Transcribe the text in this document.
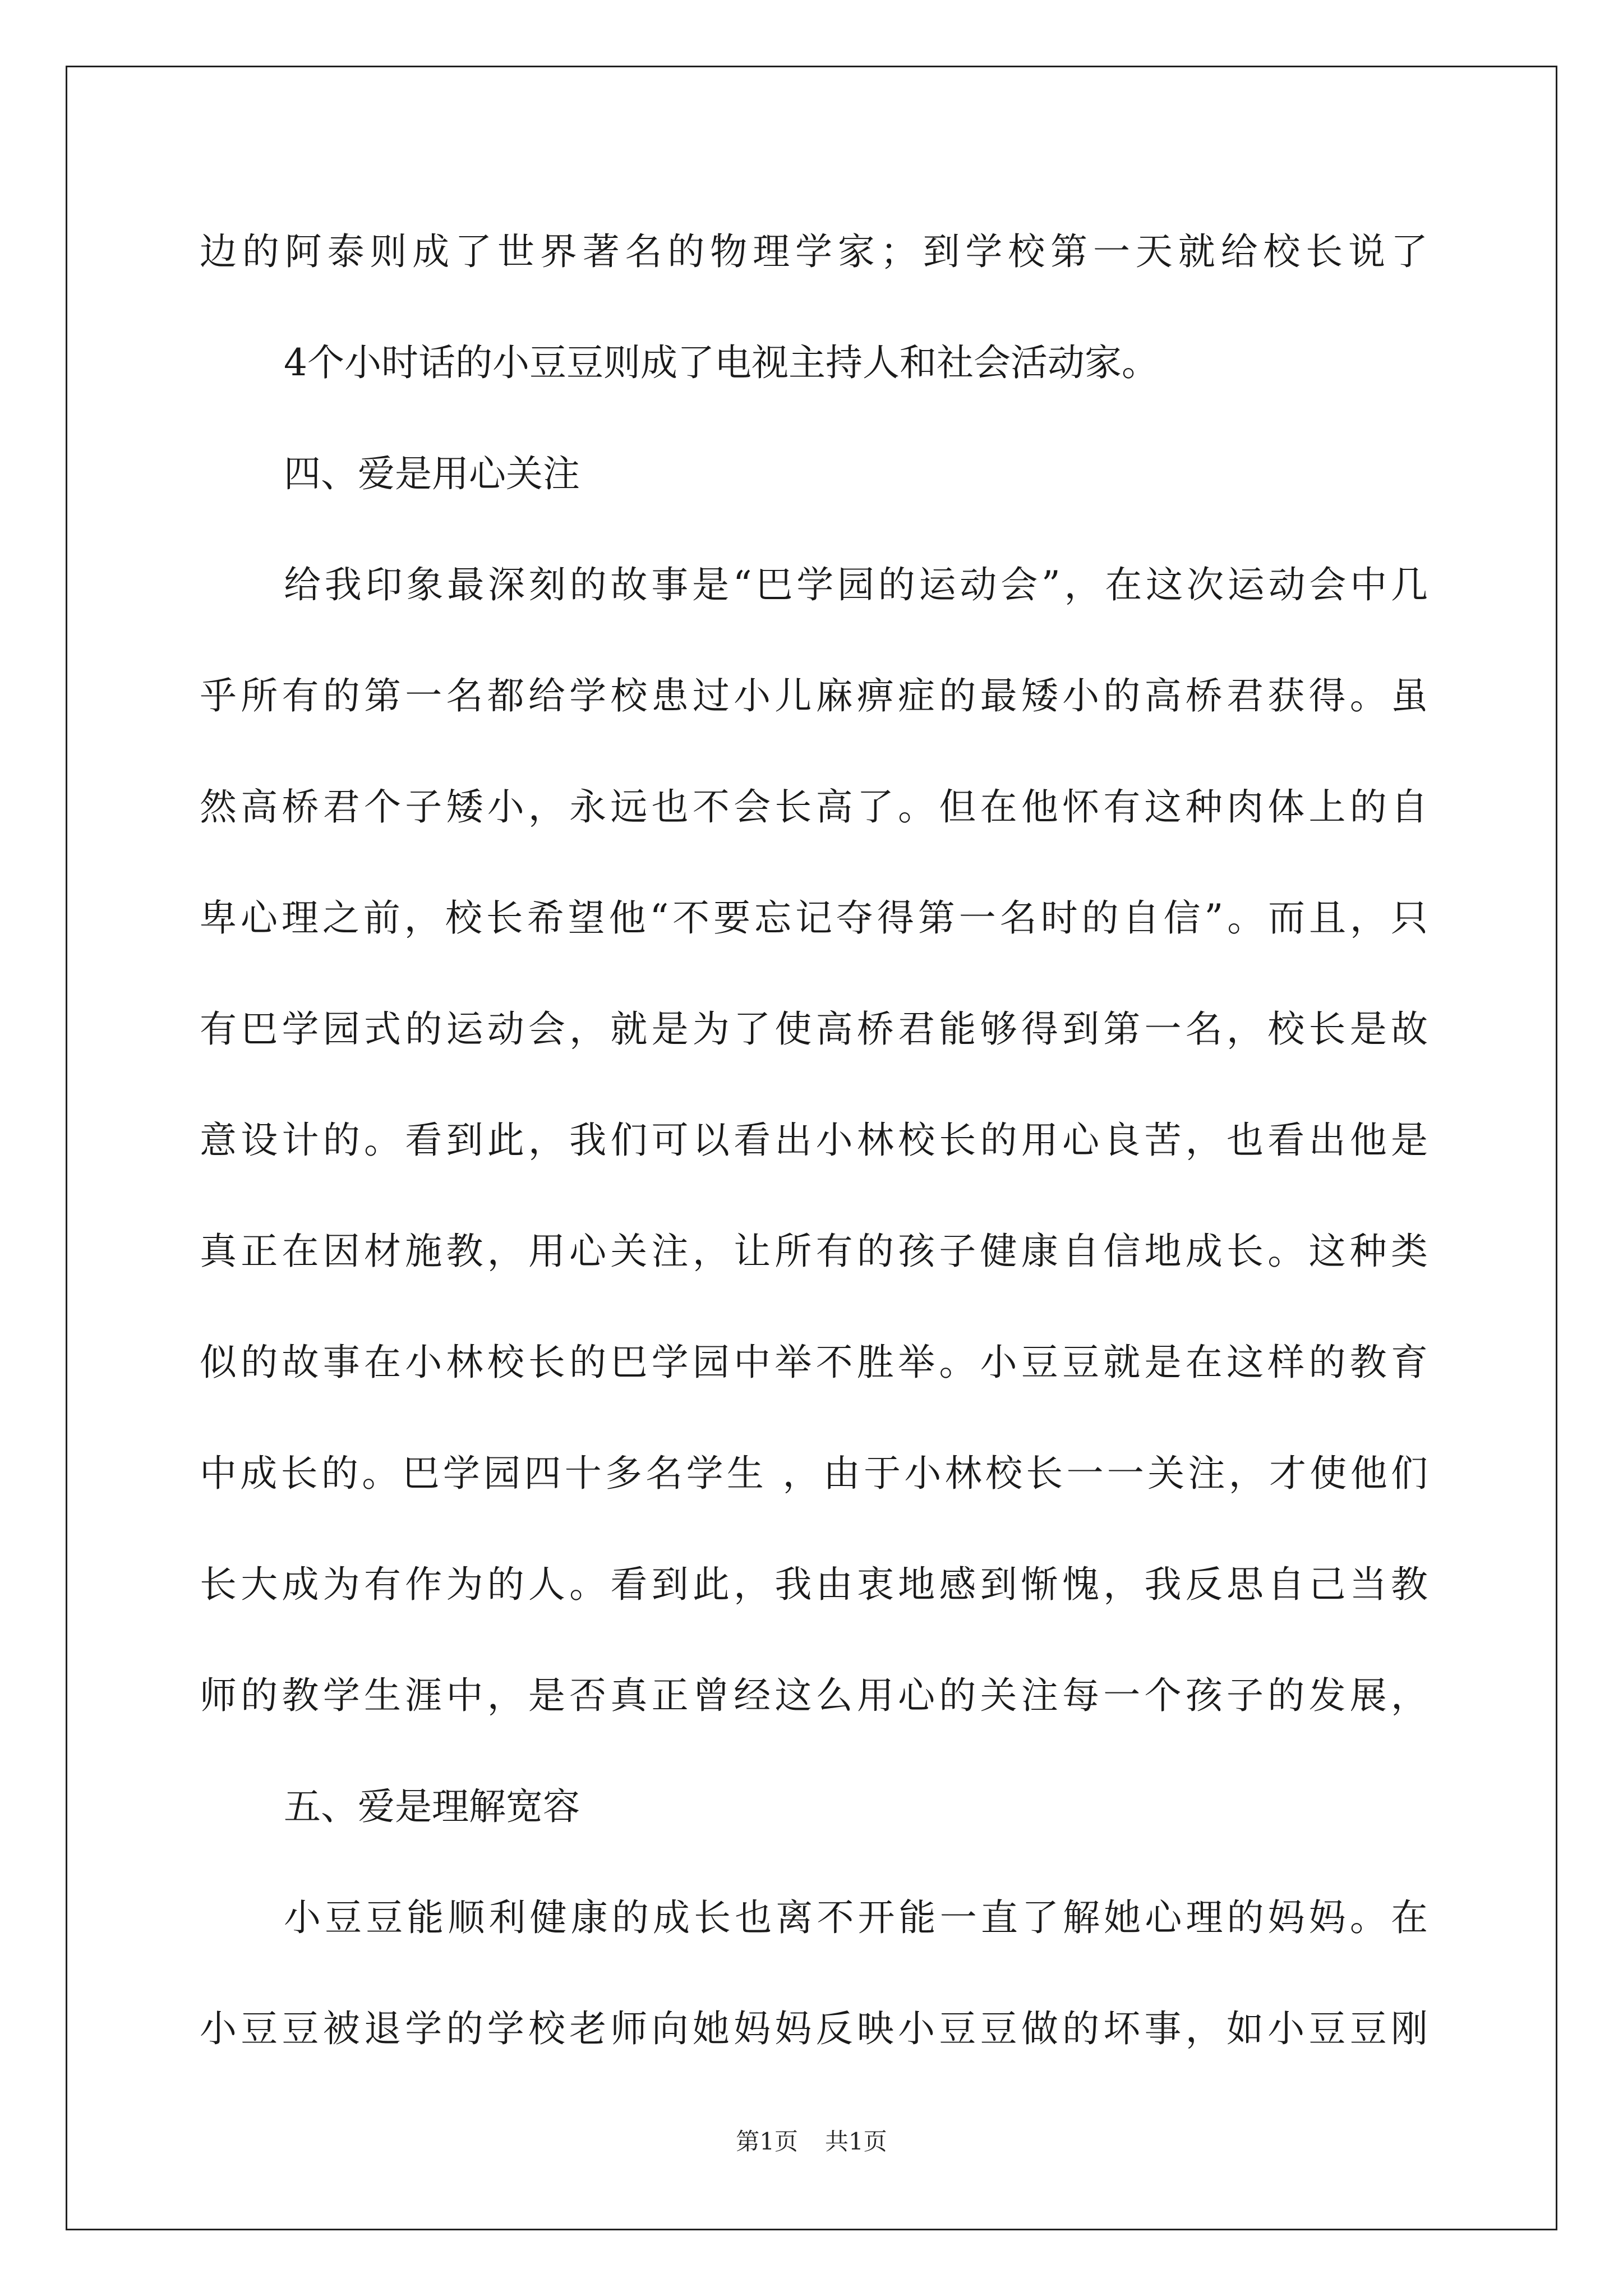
边的阿泰则成了世界著名的物理学家；到学校第一天就给校长说了
4个小时话的小豆豆则成了电视主持人和社会活动家。
四、爱是用心关注
给我印象最深刻的故事是“巴学园的运动会”，在这次运动会中几
乎所有的第一名都给学校患过小儿麻痹症的最矮小的高桥君获得。虽
然高桥君个子矮小，永远也不会长高了。但在他怀有这种肉体上的自
卑心理之前，校长希望他“不要忘记夺得第一名时的自信”。而且，只
有巴学园式的运动会，就是为了使高桥君能够得到第一名，校长是故
意设计的。看到此，我们可以看出小林校长的用心良苦，也看出他是
真正在因材施教，用心关注，让所有的孩子健康自信地成长。这种类
似的故事在小林校长的巴学园中举不胜举。小豆豆就是在这样的教育
中成长的。巴学园四十多名学生 ，由于小林校长一一关注，才使他们
长大成为有作为的人。看到此，我由衷地感到惭愧，我反思自己当教
师的教学生涯中，是否真正曾经这么用心的关注每一个孩子的发展，
五、爱是理解宽容
小豆豆能顺利健康的成长也离不开能一直了解她心理的妈妈。在
小豆豆被退学的学校老师向她妈妈反映小豆豆做的坏事，如小豆豆刚
第1页 共1页
